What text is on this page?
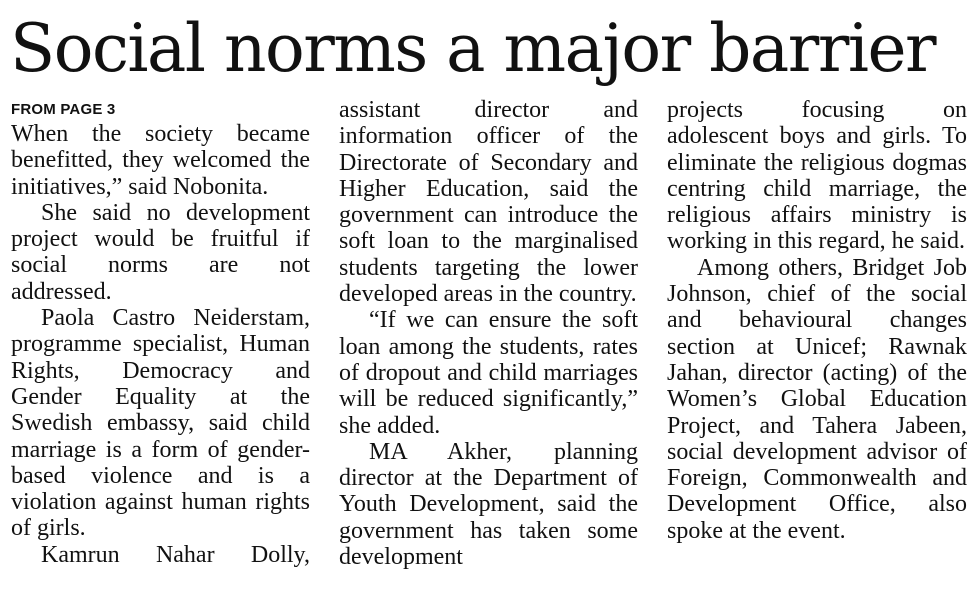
Social norms a major barrier
FROM PAGE 3

When the society became benefitted, they welcomed the initiatives,” said Nobonita.

She said no development project would be fruitful if social norms are not addressed.

Paola Castro Neiderstam, programme specialist, Human Rights, Democracy and Gender Equality at the Swedish embassy, said child marriage is a form of gender-based violence and is a violation against human rights of girls.

Kamrun Nahar Dolly,

assistant director and information officer of the Directorate of Secondary and Higher Education, said the government can introduce the soft loan to the marginalised students targeting the lower developed areas in the country.

“If we can ensure the soft loan among the students, rates of dropout and child marriages will be reduced significantly,” she added.

MA Akher, planning director at the Department of Youth Development, said the government has taken some development

projects focusing on adolescent boys and girls. To eliminate the religious dogmas centring child marriage, the religious affairs ministry is working in this regard, he said.

Among others, Bridget Job Johnson, chief of the social and behavioural changes section at Unicef; Rawnak Jahan, director (acting) of the Women’s Global Education Project, and Tahera Jabeen, social development advisor of Foreign, Commonwealth and Development Office, also spoke at the event.
